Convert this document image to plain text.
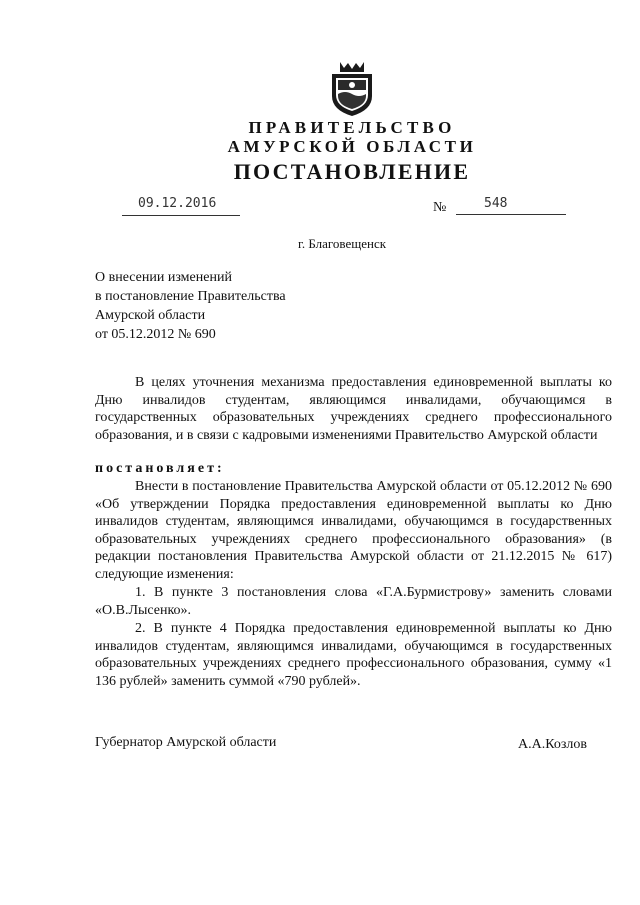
ПРАВИТЕЛЬСТВО
АМУРСКОЙ ОБЛАСТИ
ПОСТАНОВЛЕНИЕ
09.12.2016	№	548
г. Благовещенск
О внесении изменений
в постановление Правительства
Амурской области
от 05.12.2012 № 690
В целях уточнения механизма предоставления единовременной выплаты ко Дню инвалидов студентам, являющимся инвалидами, обучающимся в государственных образовательных учреждениях среднего профессионального образования, и в связи с кадровыми изменениями Правительство Амурской области
постановляет:
Внести в постановление Правительства Амурской области от 05.12.2012 № 690 «Об утверждении Порядка предоставления единовременной выплаты ко Дню инвалидов студентам, являющимся инвалидами, обучающимся в государственных образовательных учреждениях среднего профессионального образования» (в редакции постановления Правительства Амурской области от 21.12.2015 № 617) следующие изменения:
1. В пункте 3 постановления слова «Г.А.Бурмистрову» заменить словами «О.В.Лысенко».
2. В пункте 4 Порядка предоставления единовременной выплаты ко Дню инвалидов студентам, являющимся инвалидами, обучающимся в государственных образовательных учреждениях среднего профессионального образования, сумму «1 136 рублей» заменить суммой «790 рублей».
Губернатор Амурской области	А.А.Козлов
